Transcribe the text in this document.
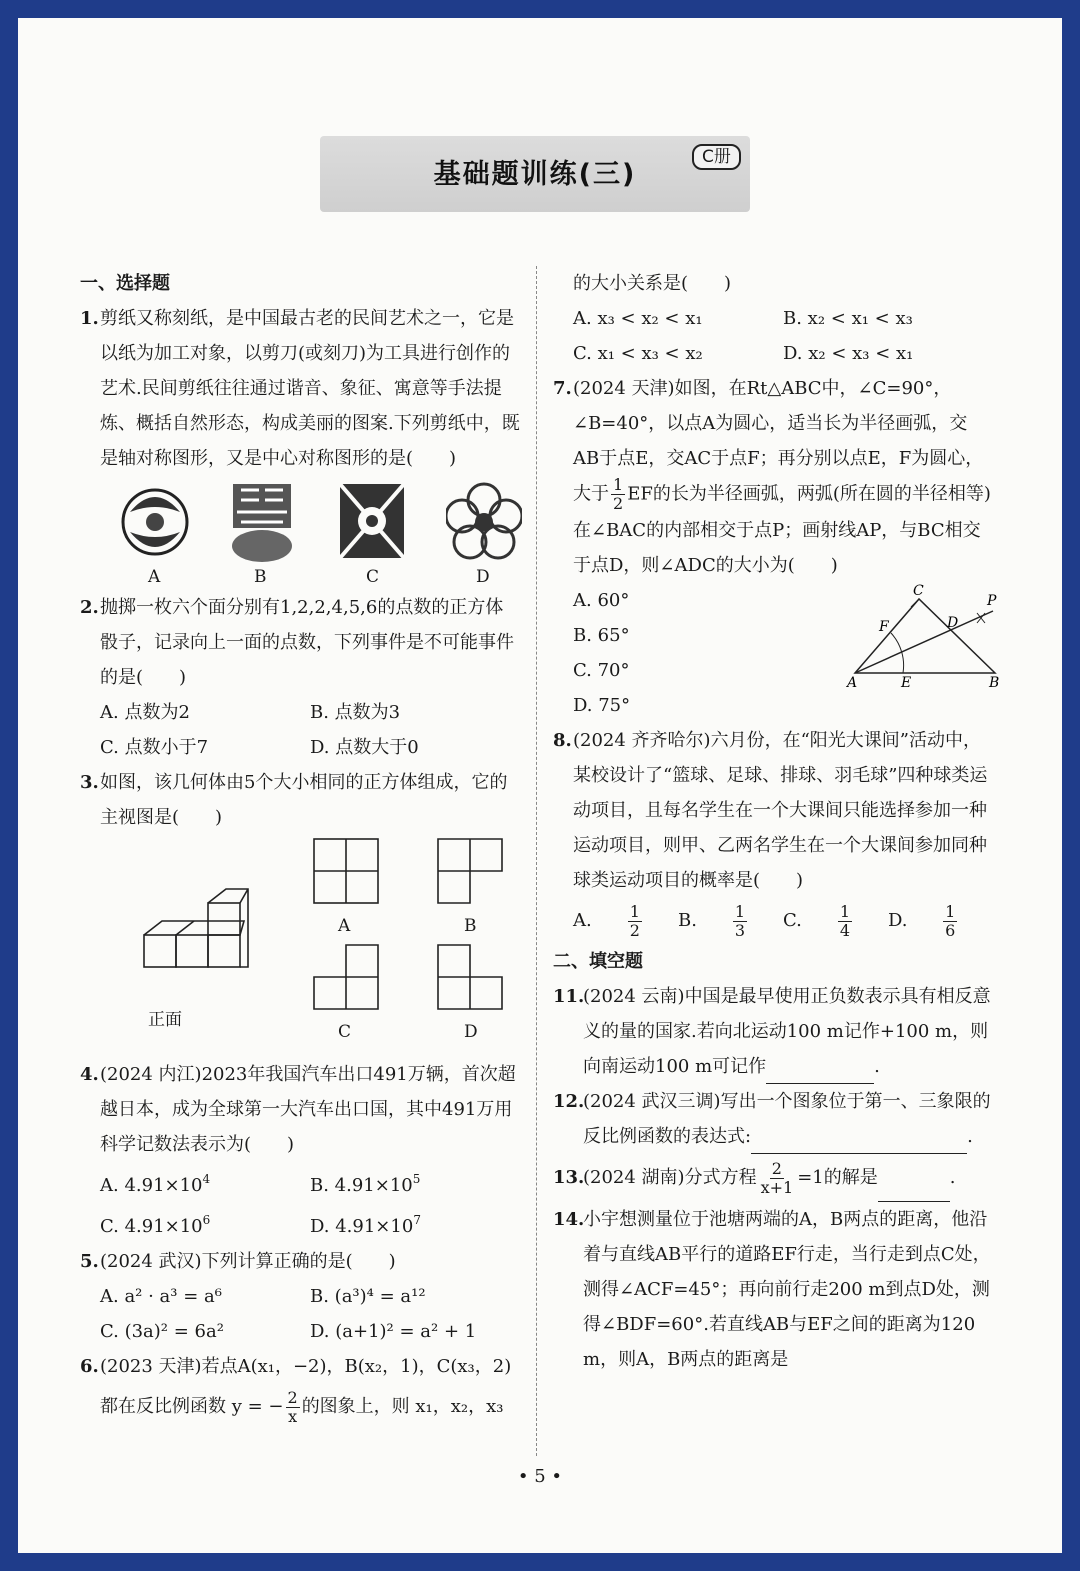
基础题训练(三)
C册
一、选择题
1. 剪纸又称刻纸，是中国最古老的民间艺术之一，它是以纸为加工对象，以剪刀(或刻刀)为工具进行创作的艺术.民间剪纸往往通过谐音、象征、寓意等手法提炼、概括自然形态，构成美丽的图案.下列剪纸中，既是轴对称图形，又是中心对称图形的是(　　)
A	B	C	D
2. 抛掷一枚六个面分别有1,2,2,4,5,6的点数的正方体骰子，记录向上一面的点数，下列事件是不可能事件的是(　　)
A. 点数为2	B. 点数为3
C. 点数小于7	D. 点数大于0
3. 如图，该几何体由5个大小相同的正方体组成，它的主视图是(　　)
正面
A	B
C	D
4. (2024 内江)2023年我国汽车出口491万辆，首次超越日本，成为全球第一大汽车出口国，其中491万用科学记数法表示为(　　)
A. $4.91\times 10^4$	B. $4.91\times 10^5$
C. $4.91\times 10^6$	D. $4.91\times 10^7$
5. (2024 武汉)下列计算正确的是(　　)
A. a² · a³ = a⁶	B. (a³)⁴ = a¹²
C. (3a)² = 6a²	D. (a+1)² = a² + 1
6. (2023 天津)若点A(x₁，−2)，B(x₂，1)，C(x₃，2)
都在反比例函数 y = − $\frac{2}{x}$ 的图象上，则 x₁，x₂，x₃
的大小关系是(　　)
A. x₃ < x₂ < x₁	B. x₂ < x₁ < x₃
C. x₁ < x₃ < x₂	D. x₂ < x₃ < x₁
7. (2024 天津)如图，在Rt△ABC中，∠C=90°，∠B=40°，以点A为圆心，适当长为半径画弧，交AB于点E，交AC于点F；再分别以点E，F为圆心，大于 $\frac{1}{2}$ EF的长为半径画弧，两弧(所在圆的半径相等)在∠BAC的内部相交于点P；画射线AP，与BC相交于点D，则∠ADC的大小为(　　)
A. 60°
B. 65°
C. 70°
D. 75°
C
P
F	D
A	E	B
8. (2024 齐齐哈尔)六月份，在“阳光大课间”活动中，某校设计了“篮球、足球、排球、羽毛球”四种球类运动项目，且每名学生在一个大课间只能选择参加一种运动项目，则甲、乙两名学生在一个大课间参加同种球类运动项目的概率是(　　)
A. $\frac{1}{2} B$. $\frac{1}{3} C$. $\frac{1}{4} D$. $\frac{1}{6}$
二、填空题
11.
(2024 云南)中国是最早使用正负数表示具有相反意义的量的国家.若向北运动100 m记作+100 m，则向南运动100 m可记作	.
12.
(2024 武汉三调)写出一个图象位于第一、三象限的反比例函数的表达式:	.
13.
(2024 湖南)分式方程 $\frac{2}{x+1} =1$的解是	.
14.
小宇想测量位于池塘两端的A，B两点的距离，他沿着与直线AB平行的道路EF行走，当行走到点C处，测得∠ACF=45°；再向前行走200 m到点D处，测得∠BDF=60°.若直线AB与EF之间的距离为120 m，则A，B两点的距离是
• 5 •
